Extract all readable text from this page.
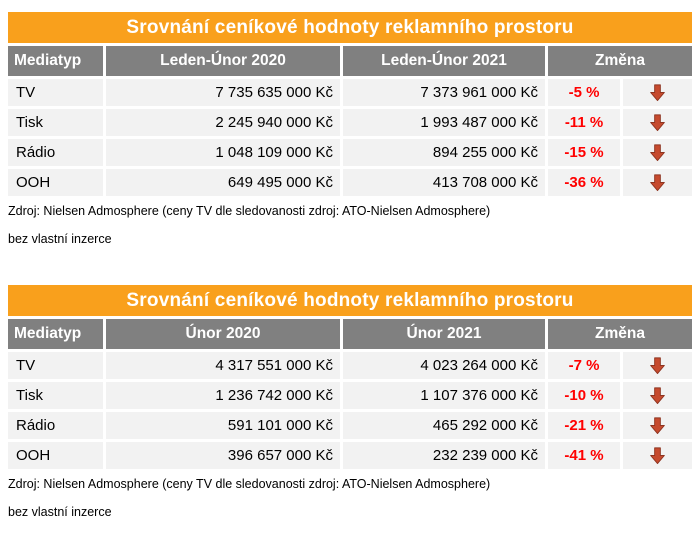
Srovnání ceníkové hodnoty reklamního prostoru
Mediatyp	Leden-Únor 2020	Leden-Únor 2021	Změna
TV	7 735 635 000 Kč	7 373 961 000 Kč	-5 %
Tisk	2 245 940 000 Kč	1 993 487 000 Kč	-11 %
Rádio	1 048 109 000 Kč	894 255 000 Kč	-15 %
OOH	649 495 000 Kč	413 708 000 Kč	-36 %

Zdroj: Nielsen Admosphere (ceny TV dle sledovanosti zdroj: ATO-Nielsen Admosphere)

bez vlastní inzerce

Srovnání ceníkové hodnoty reklamního prostoru
Mediatyp	Únor 2020	Únor 2021	Změna
TV	4 317 551 000 Kč	4 023 264 000 Kč	-7 %
Tisk	1 236 742 000 Kč	1 107 376 000 Kč	-10 %
Rádio	591 101 000 Kč	465 292 000 Kč	-21 %
OOH	396 657 000 Kč	232 239 000 Kč	-41 %

Zdroj: Nielsen Admosphere (ceny TV dle sledovanosti zdroj: ATO-Nielsen Admosphere)

bez vlastní inzerce
